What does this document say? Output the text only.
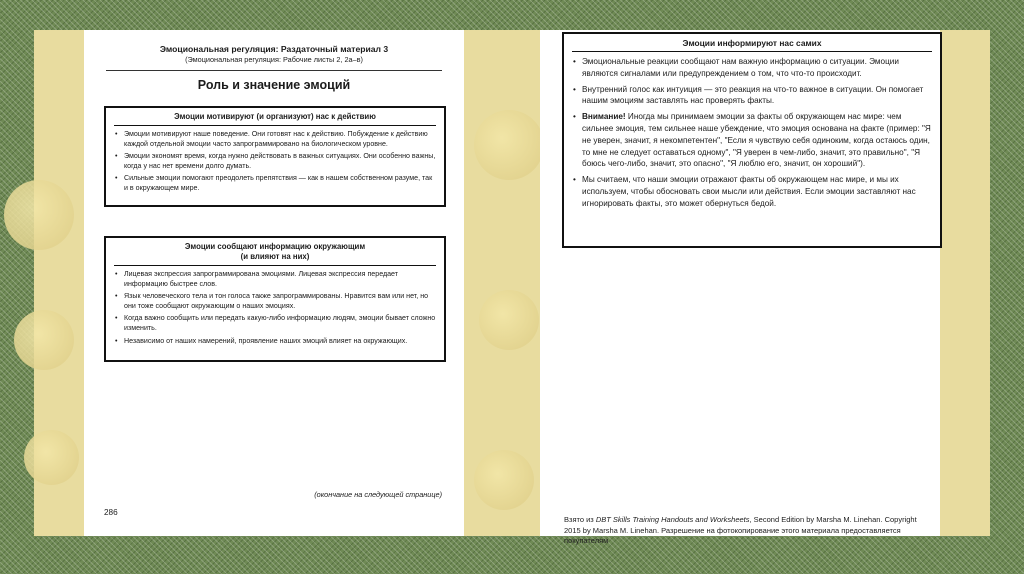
Эмоциональная регуляция: Раздаточный материал 3
(Эмоциональная регуляция: Рабочие листы 2, 2а–в)
Роль и значение эмоций
Эмоции мотивируют (и организуют) нас к действию
• Эмоции мотивируют наше поведение. Они готовят нас к действию. Побуждение к действию каждой отдельной эмоции часто запрограммировано на биологическом уровне.
• Эмоции экономят время, когда нужно действовать в важных ситуациях. Они особенно важны, когда у нас нет времени долго думать.
• Сильные эмоции помогают преодолеть препятствия — как в нашем собственном разуме, так и в окружающем мире.
Эмоции сообщают информацию окружающим
(и влияют на них)
• Лицевая экспрессия запрограммирована эмоциями. Лицевая экспрессия передает информацию быстрее слов.
• Язык человеческого тела и тон голоса также запрограммированы. Нравится вам или нет, но они тоже сообщают окружающим о наших эмоциях.
• Когда важно сообщить или передать какую-либо информацию людям, эмоции бывает сложно изменить.
• Независимо от наших намерений, проявление наших эмоций влияет на окружающих.
(окончание на следующей странице)
286
Эмоции информируют нас самих
• Эмоциональные реакции сообщают нам важную информацию о ситуации. Эмоции являются сигналами или предупреждением о том, что что-то происходит.
• Внутренний голос как интуиция — это реакция на что-то важное в ситуации. Он помогает нашим эмоциям заставлять нас проверять факты.
• Внимание! Иногда мы принимаем эмоции за факты об окружающем нас мире: чем сильнее эмоция, тем сильнее наше убеждение, что эмоция основана на факте (пример: "Я не уверен, значит, я некомпетентен", "Если я чувствую себя одиноким, когда остаюсь один, то мне не следует оставаться одному", "Я уверен в чем-либо, значит, это правильно", "Я боюсь чего-либо, значит, это опасно", "Я люблю его, значит, он хороший").
• Мы считаем, что наши эмоции отражают факты об окружающем нас мире, и мы их используем, чтобы обосновать свои мысли или действия. Если эмоции заставляют нас игнорировать факты, это может обернуться бедой.
Взято из DBT Skills Training Handouts and Worksheets, Second Edition by Marsha M. Linehan. Copyright 2015 by Marsha M. Linehan. Разрешение на фотокопирование этого материала предоставляется покупателям
